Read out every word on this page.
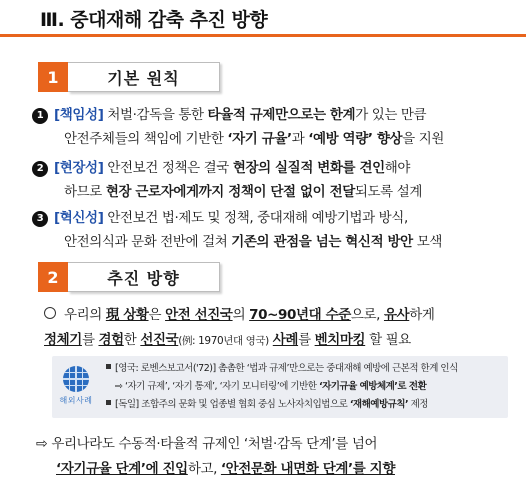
Ⅲ. 중대재해 감축 추진 방향
1	기본 원칙
1 [책임성] 처벌·감독을 통한 타율적 규제만으로는 한계가 있는 만큼
안전주체들의 책임에 기반한 ‘자기 규율’과 ‘예방 역량’ 향상을 지원
2 [현장성] 안전보건 정책은 결국 현장의 실질적 변화를 견인해야
하므로 현장 근로자에게까지 정책이 단절 없이 전달되도록 설계
3 [혁신성] 안전보건 법·제도 및 정책, 중대재해 예방기법과 방식,
안전의식과 문화 전반에 걸쳐 기존의 관점을 넘는 혁신적 방안 모색
2	추진 방향
우리의 現 상황은 안전 선진국의 70~90년대 수준으로, 유사하게
정체기를 경험한 선진국(例: 1970년대 영국) 사례를 벤치마킹 할 필요
해외사례
[영국: 로벤스보고서('72)] 촘촘한 ‘법과 규제’만으로는 중대재해 예방에 근본적 한계 인식
⇨ ‘자기 규제’, ‘자기 통제’, ‘자기 모니터링’에 기반한 ‘자기규율 예방체계’로 전환
[독일] 조합주의 문화 및 업종별 협회 중심 노사자치입법으로 ‘재해예방규칙’ 제정
⇨ 우리나라도 수동적·타율적 규제인 ‘처벌·감독 단계’를 넘어
‘자기규율 단계’에 진입하고, ‘안전문화 내면화 단계’를 지향
